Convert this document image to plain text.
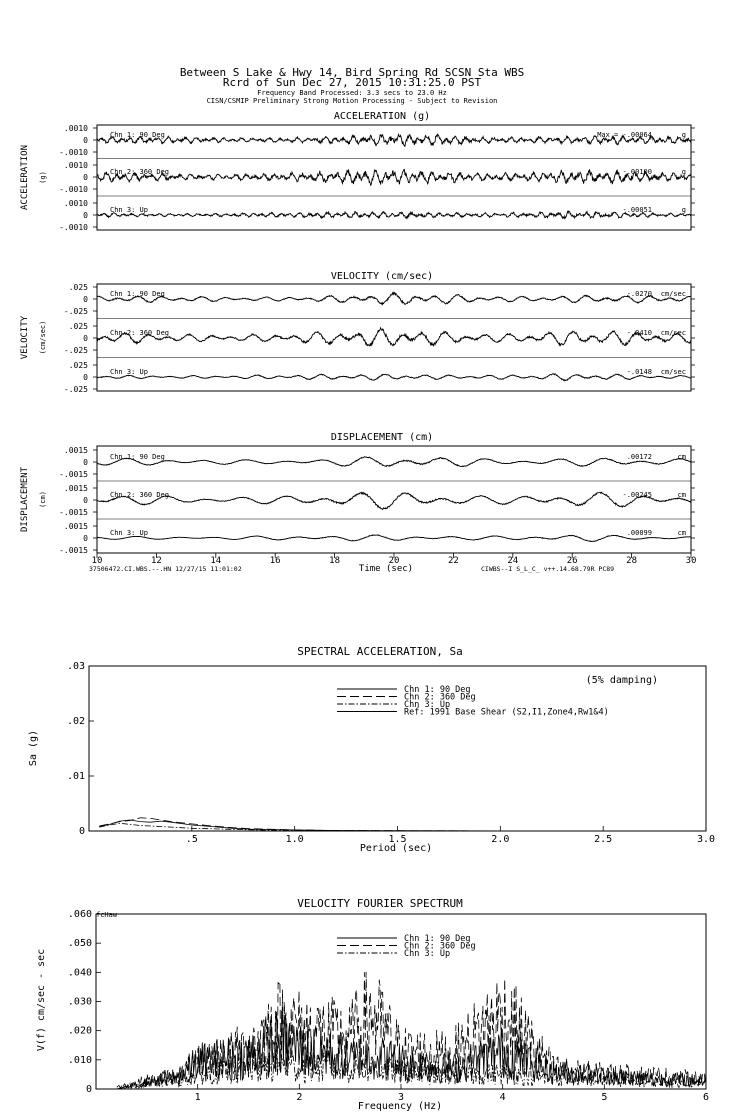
Between S Lake & Hwy 14, Bird Spring Rd SCSN Sta WBS
Rcrd of Sun Dec 27, 2015 10:31:25.0 PST
Frequency Band Processed: 3.3 secs to 23.0 Hz
CISN/CSMIP Preliminary Strong Motion Processing - Subject to Revision
ACCELERATION (g)
ACCELERATION (g)
.0010
0
-.0010
Chn 1: 90 Deg	Max = -.00064	g
.0010
0
-.0010
Chn 2: 360 Deg	-.00100	g
.0010
0
-.0010
Chn 3: Up	-.00051	g
VELOCITY (cm/sec)
VELOCITY (cm/sec)
.025
0
-.025
Chn 1: 90 Deg	-.0270 cm/sec
.025
0
-.025
Chn 2: 360 Deg	-.0410 cm/sec
.025
0
-.025
Chn 3: Up	-.0148 cm/sec
DISPLACEMENT (cm)
DISPLACEMENT (cm)
.0015
0
-.0015
Chn 1: 90 Deg	.00172	cm
.0015
0
-.0015
Chn 2: 360 Deg	-.00245	cm
.0015
0
-.0015
Chn 3: Up	.00099	cm
Time (sec)
37506472.CI.WBS.--.HN 12/27/15 11:01:02	CIWBS--I S_L_C_ v++.14.68.79R PC89
10	12	14	16	18	20	22	24	26	28	30
SPECTRAL ACCELERATION, Sa
(5% damping)
Period (sec)
Sa (g)
.5	1.0	1.5	2.0	2.5	3.0
0
.01
.02
.03
Chn 1: 90 Deg
Chn 2: 360 Deg
Chn 3: Up
Ref: 1991 Base Shear (S2,I1,Zone4,Rw1&4)
VELOCITY FOURIER SPECTRUM
fcHaw
Frequency (Hz)
V(f) cm/sec - sec
1	2	3	4	5	6
0
.010
.020
.030
.040
.050
.060
Chn 1: 90 Deg
Chn 2: 360 Deg
Chn 3: Up
